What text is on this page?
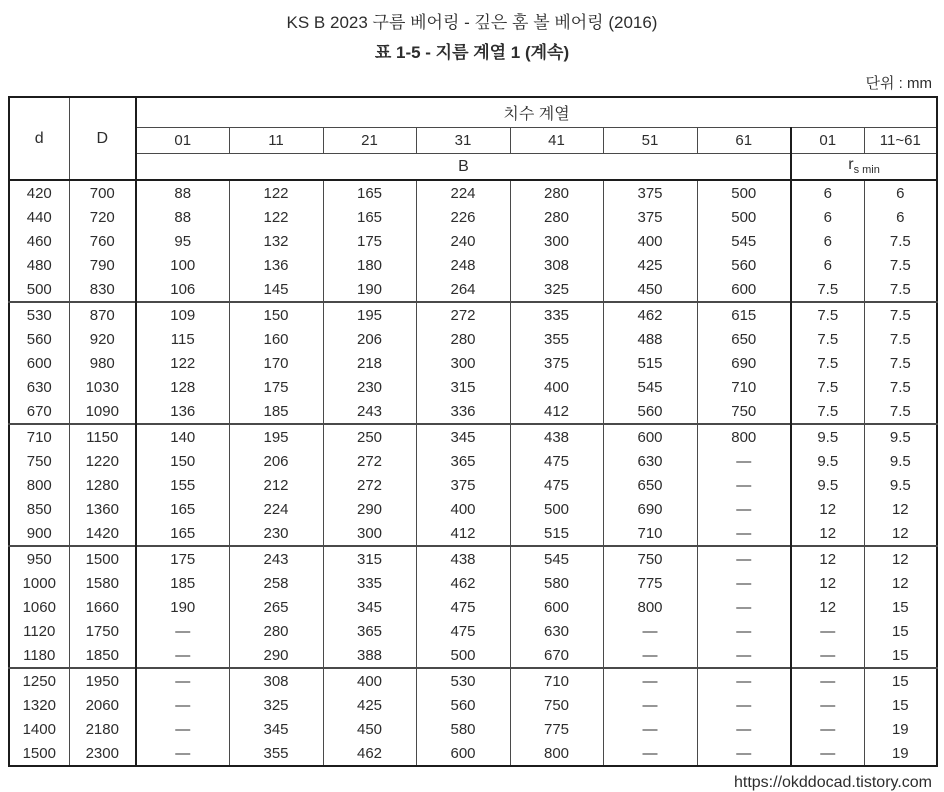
KS B 2023 구름 베어링 - 깊은 홈 볼 베어링 (2016)
표 1-5 - 지름 계열 1 (계속)
단위 : mm
d	D	치수 계열								
		01	11	21	31	41	51	61	01	11~61
		B							$r_{s min}$
420	700	88	122	165	224	280	375	500	6	6
440	720	88	122	165	226	280	375	500	6	6
460	760	95	132	175	240	300	400	545	6	7.5
480	790	100	136	180	248	308	425	560	6	7.5
500	830	106	145	190	264	325	450	600	7.5	7.5
530	870	109	150	195	272	335	462	615	7.5	7.5
560	920	115	160	206	280	355	488	650	7.5	7.5
600	980	122	170	218	300	375	515	690	7.5	7.5
630	1030	128	175	230	315	400	545	710	7.5	7.5
670	1090	136	185	243	336	412	560	750	7.5	7.5
710	1150	140	195	250	345	438	600	800	9.5	9.5
750	1220	150	206	272	365	475	630	—	9.5	9.5
800	1280	155	212	272	375	475	650	—	9.5	9.5
850	1360	165	224	290	400	500	690	—	12	12
900	1420	165	230	300	412	515	710	—	12	12
950	1500	175	243	315	438	545	750	—	12	12
1000	1580	185	258	335	462	580	775	—	12	12
1060	1660	190	265	345	475	600	800	—	12	15
1120	1750	—	280	365	475	630	—	—	—	15
1180	1850	—	290	388	500	670	—	—	—	15
1250	1950	—	308	400	530	710	—	—	—	15
1320	2060	—	325	425	560	750	—	—	—	15
1400	2180	—	345	450	580	775	—	—	—	19
1500	2300	—	355	462	600	800	—	—	—	19
https://okddocad.tistory.com
